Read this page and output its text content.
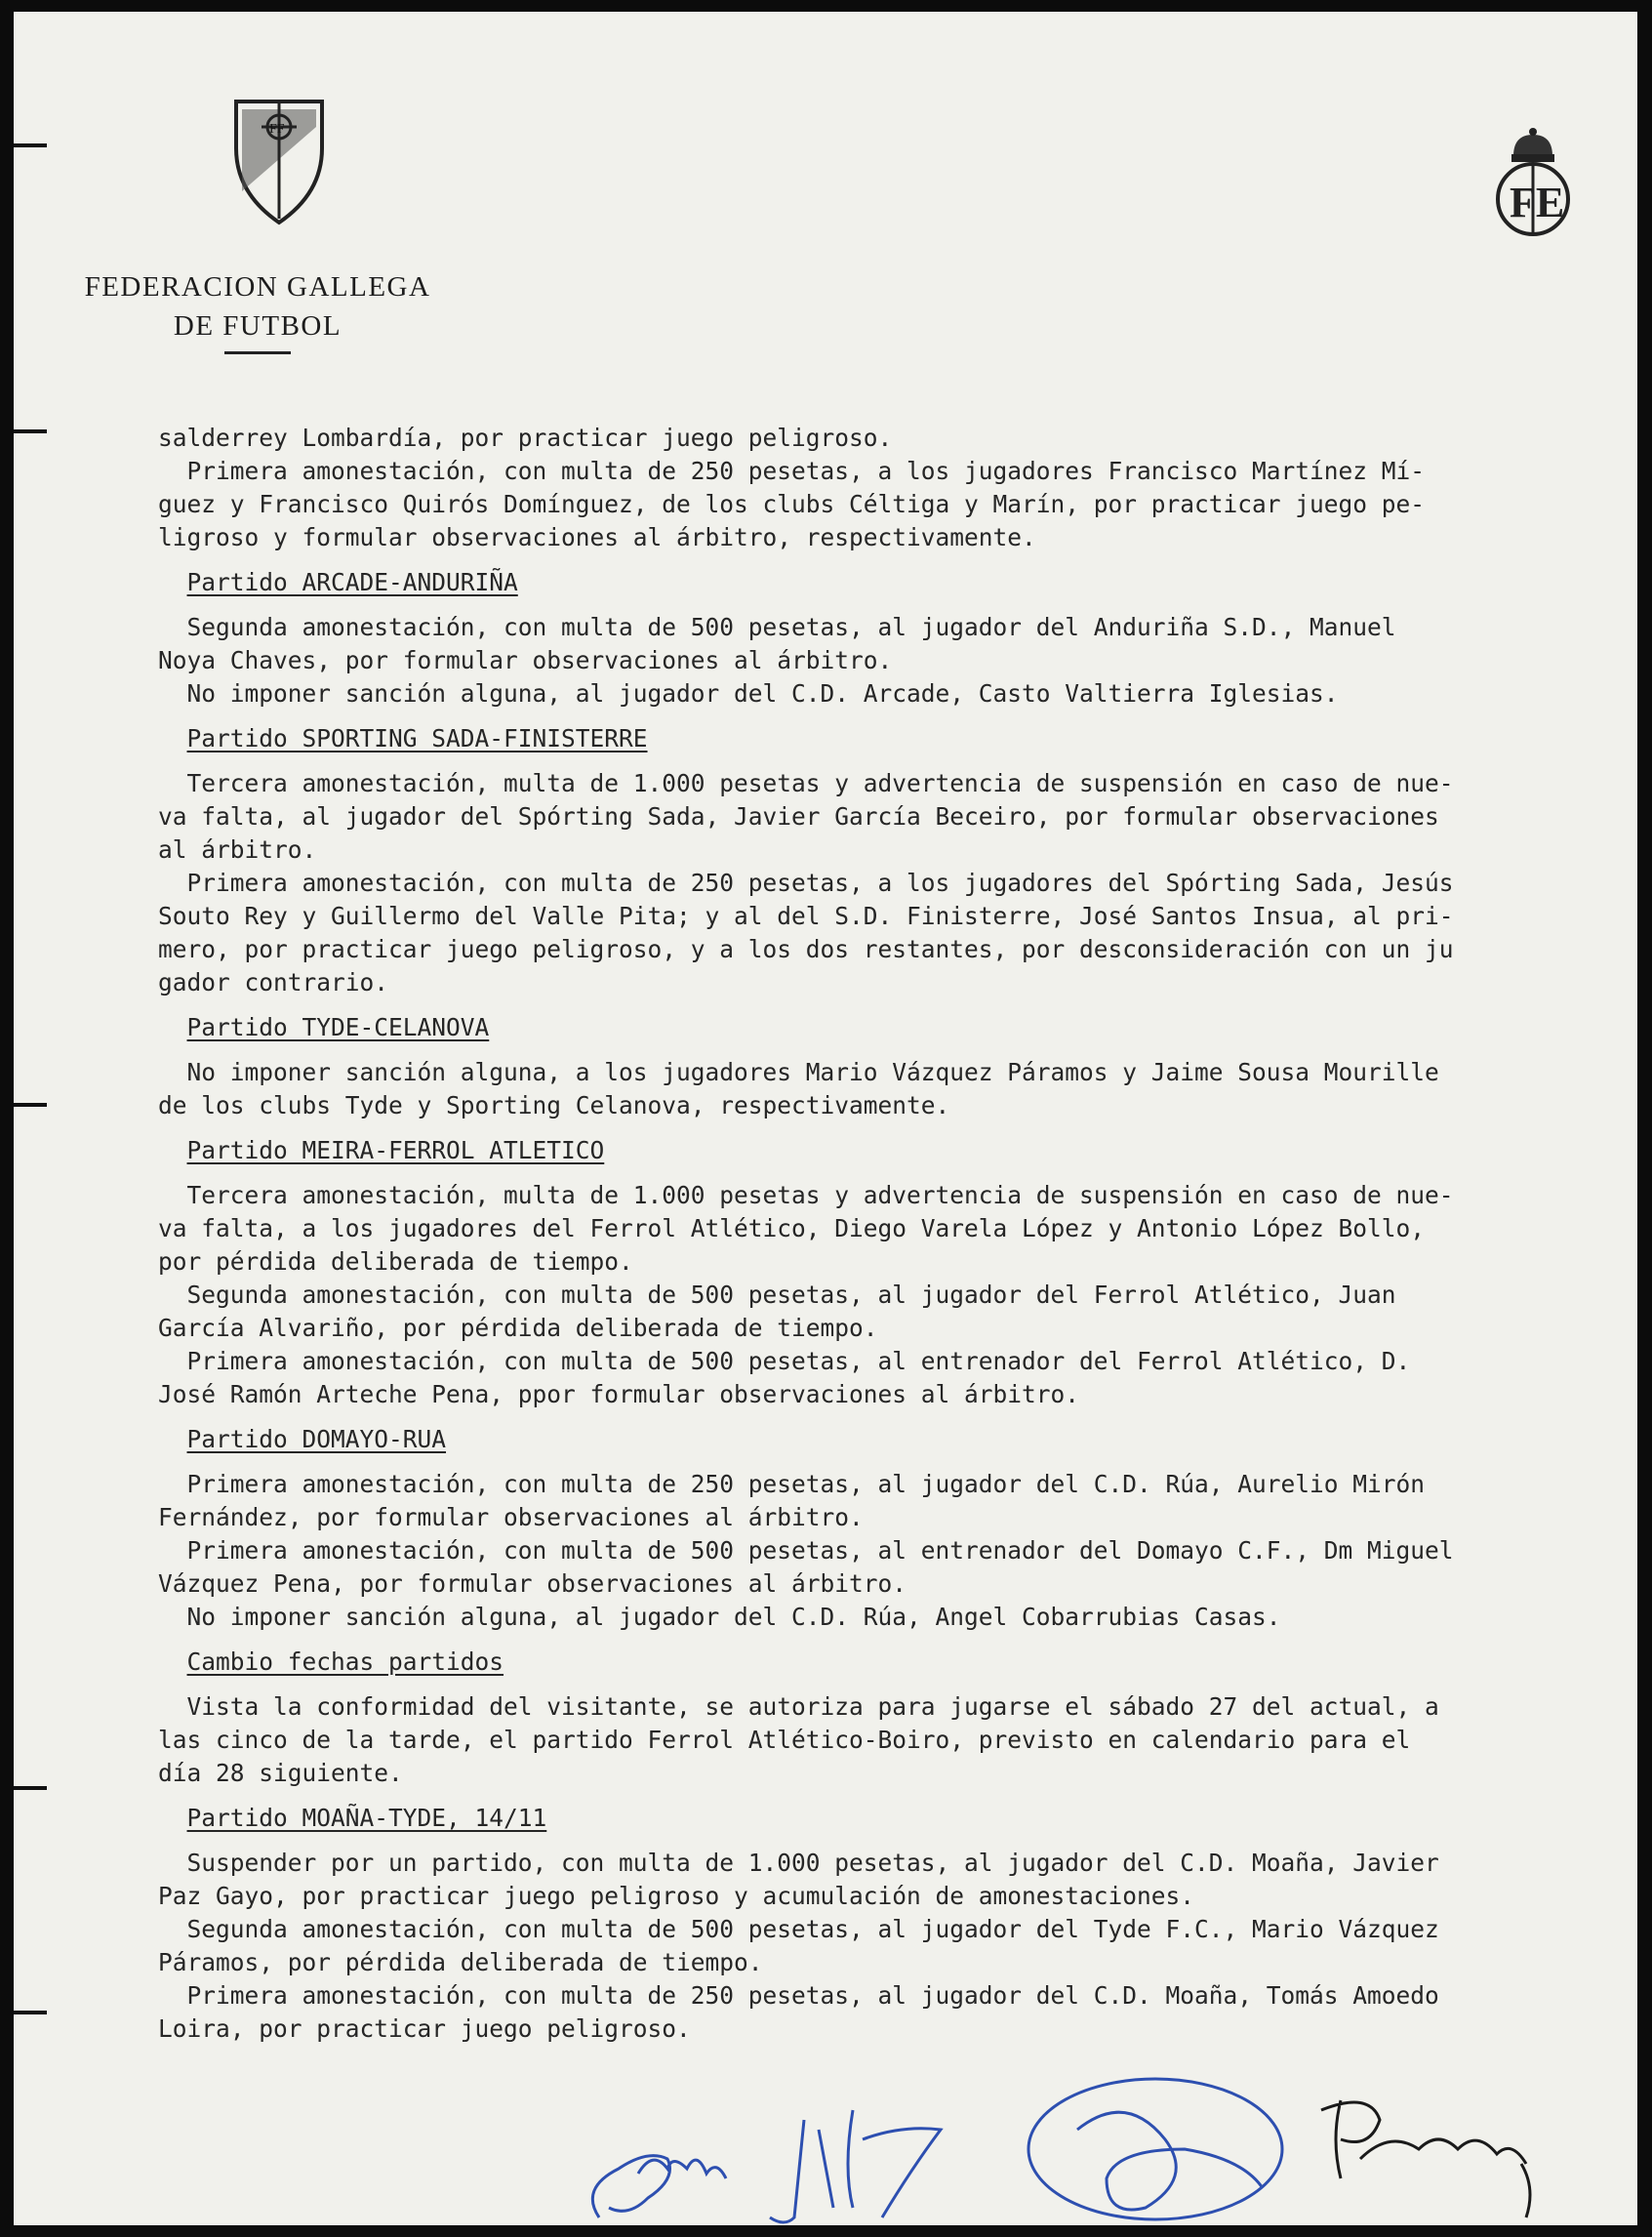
FF
FEDERACION GALLEGA
DE FUTBOL
FE

salderrey Lombardía, por practicar juego peligroso.

Primera amonestación, con multa de 250 pesetas, a los jugadores Francisco Martínez Mí-

guez y Francisco Quirós Domínguez, de los clubs Céltiga y Marín, por practicar juego pe-

ligroso y formular observaciones al árbitro, respectivamente.

Partido ARCADE-ANDURIÑA

Segunda amonestación, con multa de 500 pesetas, al jugador del Anduriña S.D., Manuel

Noya Chaves, por formular observaciones al árbitro.

No imponer sanción alguna, al jugador del C.D. Arcade, Casto Valtierra Iglesias.

Partido SPORTING SADA-FINISTERRE

Tercera amonestación, multa de 1.000 pesetas y advertencia de suspensión en caso de nue-

va falta, al jugador del Spórting Sada, Javier García Beceiro, por formular observaciones

al árbitro.

Primera amonestación, con multa de 250 pesetas, a los jugadores del Spórting Sada, Jesús

Souto Rey y Guillermo del Valle Pita; y al del S.D. Finisterre, José Santos Insua, al pri-

mero, por practicar juego peligroso, y a los dos restantes, por desconsideración con un ju

gador contrario.

Partido TYDE-CELANOVA

No imponer sanción alguna, a los jugadores Mario Vázquez Páramos y Jaime Sousa Mourille

de los clubs Tyde y Sporting Celanova, respectivamente.

Partido MEIRA-FERROL ATLETICO

Tercera amonestación, multa de 1.000 pesetas y advertencia de suspensión en caso de nue-

va falta, a los jugadores del Ferrol Atlético, Diego Varela López y Antonio López Bollo,

por pérdida deliberada de tiempo.

Segunda amonestación, con multa de 500 pesetas, al jugador del Ferrol Atlético, Juan

García Alvariño, por pérdida deliberada de tiempo.

Primera amonestación, con multa de 500 pesetas, al entrenador del Ferrol Atlético, D.

José Ramón Arteche Pena, ppor formular observaciones al árbitro.

Partido DOMAYO-RUA

Primera amonestación, con multa de 250 pesetas, al jugador del C.D. Rúa, Aurelio Mirón

Fernández, por formular observaciones al árbitro.

Primera amonestación, con multa de 500 pesetas, al entrenador del Domayo C.F., Dm Miguel

Vázquez Pena, por formular observaciones al árbitro.

No imponer sanción alguna, al jugador del C.D. Rúa, Angel Cobarrubias Casas.

Cambio fechas partidos

Vista la conformidad del visitante, se autoriza para jugarse el sábado 27 del actual, a

las cinco de la tarde, el partido Ferrol Atlético-Boiro, previsto en calendario para el

día 28 siguiente.

Partido MOAÑA-TYDE, 14/11

Suspender por un partido, con multa de 1.000 pesetas, al jugador del C.D. Moaña, Javier

Paz Gayo, por practicar juego peligroso y acumulación de amonestaciones.

Segunda amonestación, con multa de 500 pesetas, al jugador del Tyde F.C., Mario Vázquez

Páramos, por pérdida deliberada de tiempo.

Primera amonestación, con multa de 250 pesetas, al jugador del C.D. Moaña, Tomás Amoedo

Loira, por practicar juego peligroso.
